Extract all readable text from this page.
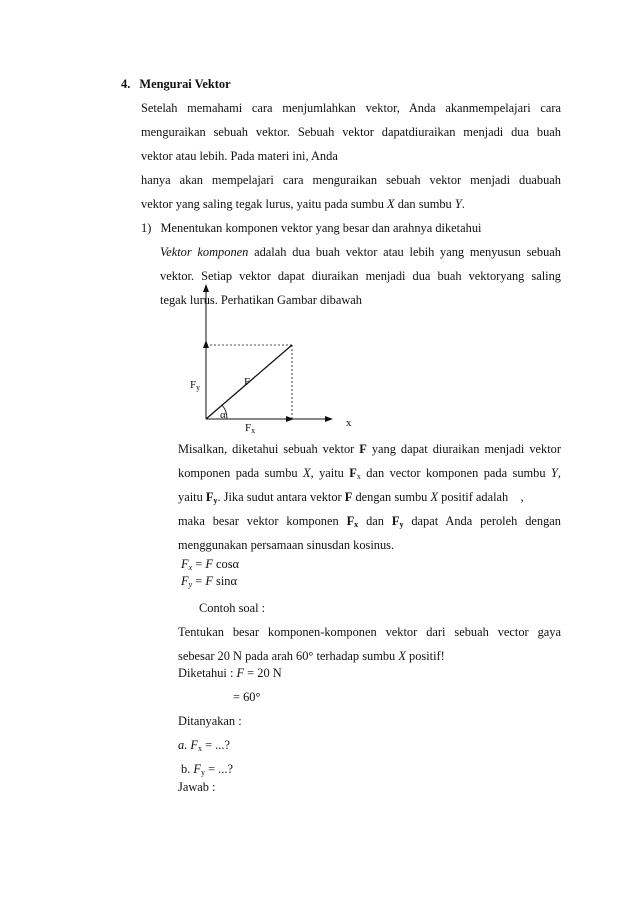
4. Mengurai Vektor
Setelah memahami cara menjumlahkan vektor, Anda akanmempelajari cara
menguraikan sebuah vektor. Sebuah vektor dapatdiuraikan menjadi dua buah
vektor atau lebih. Pada materi ini, Anda
hanya akan mempelajari cara menguraikan sebuah vektor menjadi duabuah
vektor yang saling tegak lurus, yaitu pada sumbu X dan sumbu Y.
1) Menentukan komponen vektor yang besar dan arahnya diketahui
Vektor komponen adalah dua buah vektor atau lebih yang menyusun sebuah
vektor. Setiap vektor dapat diuraikan menjadi dua buah vektoryang saling
tegak lurus. Perhatikan Gambar dibawah
$F_y$	F
α
$F_x$
x
Misalkan, diketahui sebuah vektor F yang dapat diuraikan menjadi vektor
komponen pada sumbu X, yaitu $F_x$ dan vector komponen pada sumbu Y,
yaitu $F_y$. Jika sudut antara vektor F dengan sumbu X positif adalah    ,
maka besar vektor komponen $F_x$ dan $F_y$ dapat Anda peroleh dengan
menggunakan persamaan sinusdan kosinus.
$F_x = F$ cosα
$F_y = F$ sinα
Contoh soal :
Tentukan besar komponen-komponen vektor dari sebuah vector gaya
sebesar 20 N pada arah 60° terhadap sumbu X positif!
Diketahui : F = 20 N
= 60°
Ditanyakan :
a. $F_x$ = ...?
b. $F_y$ = ...?
Jawab :
